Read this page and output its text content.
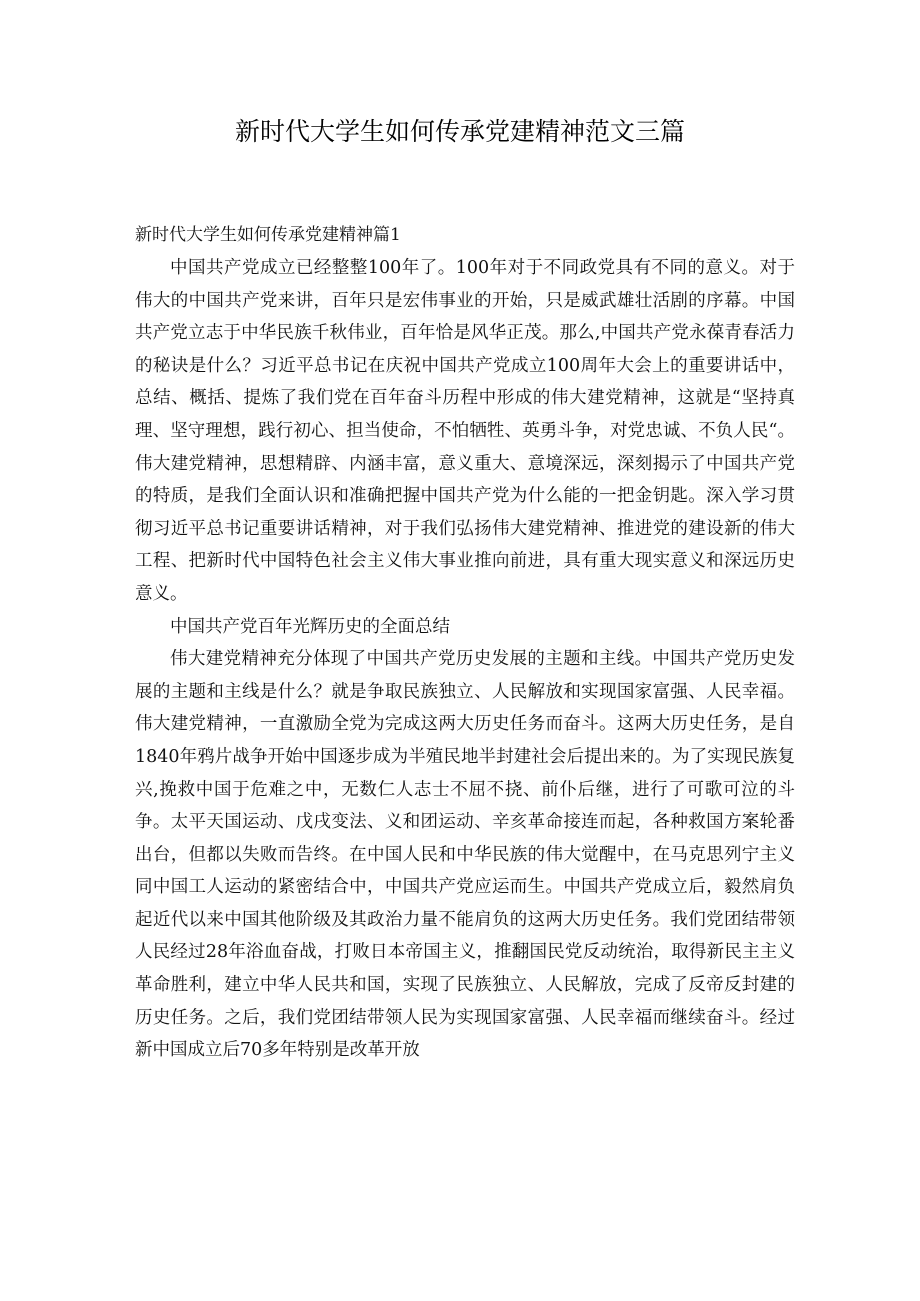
新时代大学生如何传承党建精神范文三篇
新时代大学生如何传承党建精神篇1

中国共产党成立已经整整100年了。100年对于不同政党具有不同的意义。对于伟大的中国共产党来讲，百年只是宏伟事业的开始，只是威武雄壮活剧的序幕。中国共产党立志于中华民族千秋伟业，百年恰是风华正茂。那么,中国共产党永葆青春活力的秘诀是什么？习近平总书记在庆祝中国共产党成立100周年大会上的重要讲话中，总结、概括、提炼了我们党在百年奋斗历程中形成的伟大建党精神，这就是“坚持真理、坚守理想，践行初心、担当使命，不怕牺牲、英勇斗争，对党忠诚、不负人民“。伟大建党精神，思想精辟、内涵丰富，意义重大、意境深远，深刻揭示了中国共产党的特质，是我们全面认识和准确把握中国共产党为什么能的一把金钥匙。深入学习贯彻习近平总书记重要讲话精神，对于我们弘扬伟大建党精神、推进党的建设新的伟大工程、把新时代中国特色社会主义伟大事业推向前进，具有重大现实意义和深远历史意义。

中国共产党百年光辉历史的全面总结

伟大建党精神充分体现了中国共产党历史发展的主题和主线。中国共产党历史发展的主题和主线是什么？就是争取民族独立、人民解放和实现国家富强、人民幸福。伟大建党精神，一直激励全党为完成这两大历史任务而奋斗。这两大历史任务，是自1840年鸦片战争开始中国逐步成为半殖民地半封建社会后提出来的。为了实现民族复兴,挽救中国于危难之中，无数仁人志士不屈不挠、前仆后继，进行了可歌可泣的斗争。太平天国运动、戊戌变法、义和团运动、辛亥革命接连而起，各种救国方案轮番出台，但都以失败而告终。在中国人民和中华民族的伟大觉醒中，在马克思列宁主义同中国工人运动的紧密结合中，中国共产党应运而生。中国共产党成立后，毅然肩负起近代以来中国其他阶级及其政治力量不能肩负的这两大历史任务。我们党团结带领人民经过28年浴血奋战，打败日本帝国主义，推翻国民党反动统治，取得新民主主义革命胜利，建立中华人民共和国，实现了民族独立、人民解放，完成了反帝反封建的历史任务。之后，我们党团结带领人民为实现国家富强、人民幸福而继续奋斗。经过新中国成立后70多年特别是改革开放
